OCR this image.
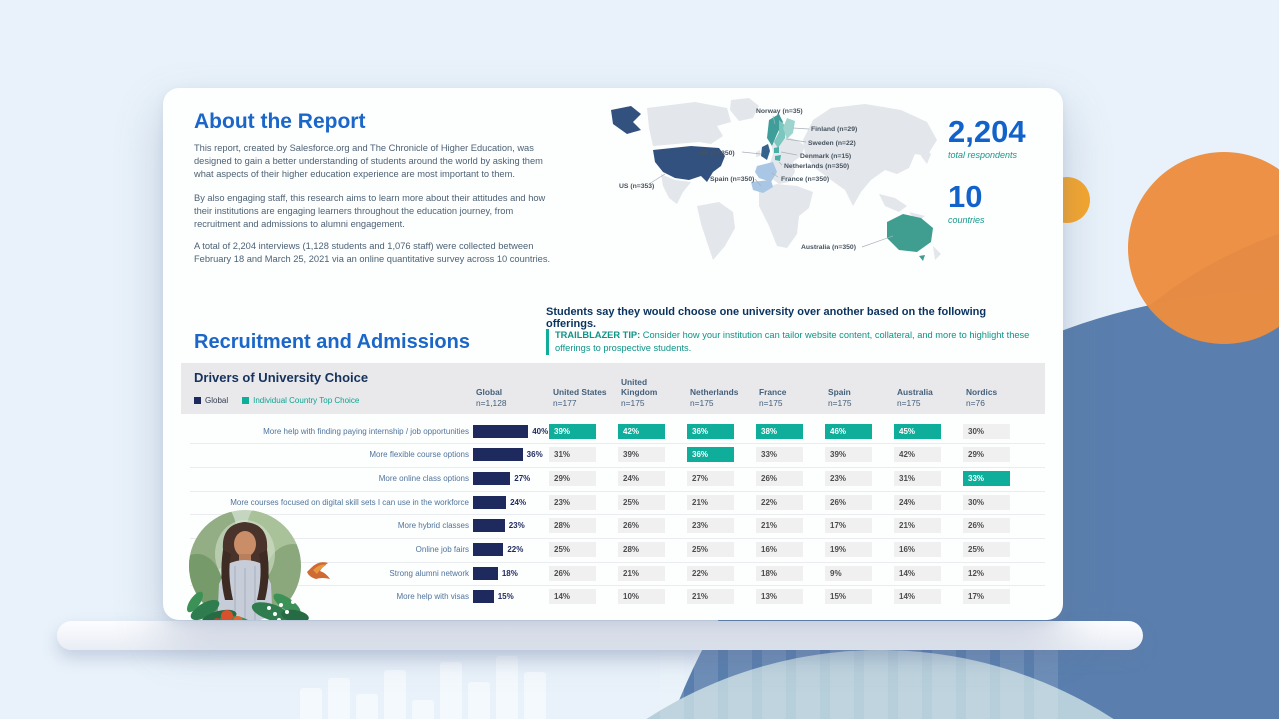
About the Report
This report, created by Salesforce.org and The Chronicle of Higher Education, was designed to gain a better understanding of students around the world by asking them what aspects of their higher education experience are most important to them.
By also engaging staff, this research aims to learn more about their attitudes and how their institutions are engaging learners throughout the education journey, from recruitment and admissions to alumni engagement.
A total of 2,204 interviews (1,128 students and 1,076 staff) were collected between February 18 and March 25, 2021 via an online quantitative survey across 10 countries.
US (n=353)
UK (n=350)
Spain (n=350)	France (n=350)
Netherlands (n=350)
Denmark (n=15)
Sweden (n=22)
Norway (n=35)
Finland (n=29)
Australia (n=350)
2,204
total respondents
10
countries
Recruitment and Admissions
Students say they would choose one university over another based on the following offerings.
TRAILBLAZER TIP: Consider how your institution can tailor website content, collateral, and more to highlight these offerings to prospective students.
Drivers of University Choice
Global	Individual Country Top Choice
Global
n=1,128
United States
n=177
United Kingdom
n=175
Netherlands
n=175
France
n=175
Spain
n=175
Australia
n=175
Nordics
n=76
More help with finding paying internship / job opportunities	40% 39%	42%	36%	38%	46%	45%	30%
More flexible course options	36%	31%	39%	36%	33%	39%	42%	29%
More online class options	27%	29%	24%	27%	26%	23%	31%	33%
More courses focused on digital skill sets I can use in the workforce	24%	23%	25%	21%	22%	26%	24%	30%
More hybrid classes	23%	28%	26%	23%	21%	17%	21%	26%
Online job fairs	22%	25%	28%	25%	16%	19%	16%	25%
Strong alumni network	18%	26%	21%	22%	18%	9%	14%	12%
More help with visas	15%	14%	10%	21%	13%	15%	14%	17%
